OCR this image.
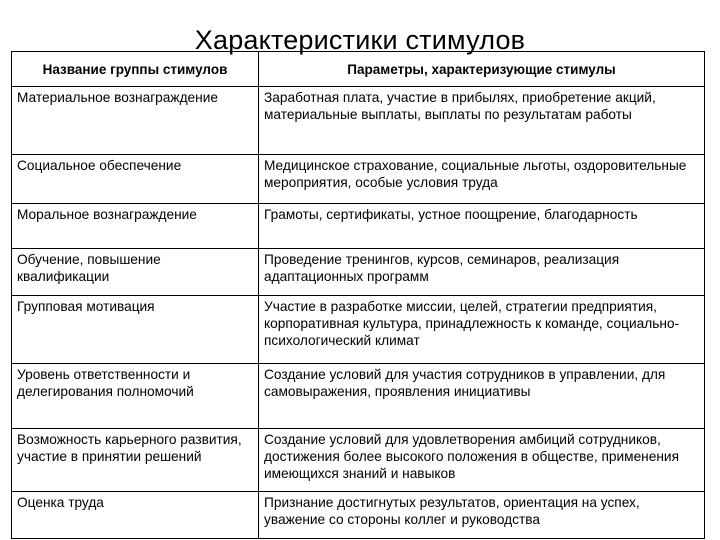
Характеристики стимулов
Название группы стимулов	Параметры, характеризующие стимулы
Материальное вознаграждение	Заработная плата, участие в прибылях, приобретение акций, материальные выплаты, выплаты по результатам работы
Социальное обеспечение	Медицинское страхование, социальные льготы, оздоровительные мероприятия, особые условия труда
Моральное вознаграждение	Грамоты, сертификаты, устное поощрение, благодарность
Обучение, повышение квалификации	Проведение тренингов, курсов, семинаров, реализация адаптационных программ
Групповая мотивация	Участие в разработке миссии, целей, стратегии предприятия, корпоративная культура, принадлежность к команде, социально-психологический климат
Уровень ответственности и делегирования полномочий	Создание условий для участия сотрудников в управлении, для самовыражения, проявления инициативы
Возможность карьерного развития, участие в принятии решений	Создание условий для удовлетворения амбиций сотрудников, достижения более высокого положения в обществе, применения имеющихся знаний и навыков
Оценка труда	Признание достигнутых результатов, ориентация на успех, уважение со стороны коллег и руководства
